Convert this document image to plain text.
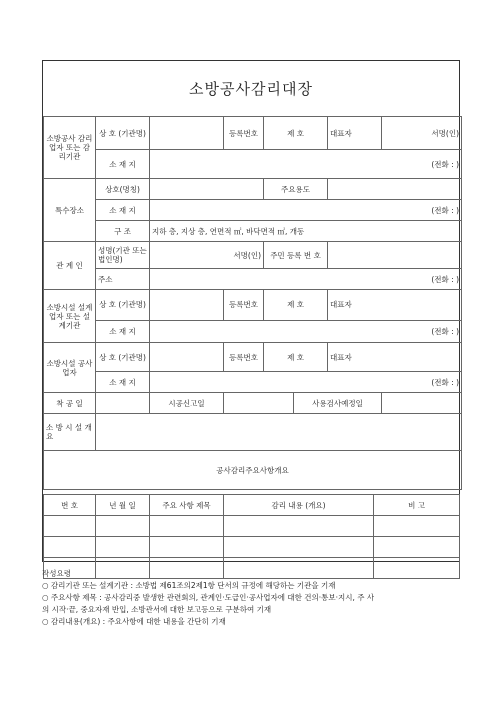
소방공사감리대장
소방공사 감리업자 또는 감리기관	상 호 (기관명)		등록번호	제 호		대표자	서명(인)
	소 재 지	(전화 : )					
특수장소	상호(명칭)			주요용도			
	소 재 지	(전화 : )					
	구 조	지하 층, 지상 층, 연면적 ㎡, 바닥면적 ㎡, 개동					
관 계 인	성명(기관 또는 법인명)	서명(인)		주민 등록 번 호			
	주소	(전화 : )					
소방시설 설계업자 또는 설계기관	상 호 (기관명)		등록번호	제 호		대표자	
	소 재 지	(전화 : )					
소방시설 공사업자	상 호 (기관명)		등록번호	제 호		대표자	
	소 재 지	(전화 : )					
착 공 일		시공신고일			사용검사예정일		
소 방 시 설 개요							
공사감리주요사항개요							
번 호	년 월 일	주요 사항 제목	감리 내용 (개요)	비 고

작성요령
○ 감리기관 또는 설계기관 : 소방법 제61조의2제1항 단서의 규정에 해당하는 기관을 기재
○ 주요사항 제목 : 공사감리중 발생한 관련회의, 관계인·도급인·공사업자에 대한 건의·통보·지시, 주 사
의 시작·끝, 중요자재 반입, 소방관서에 대한 보고등으로 구분하여 기재
○ 감리내용(개요) : 주요사항에 대한 내용을 간단히 기재
